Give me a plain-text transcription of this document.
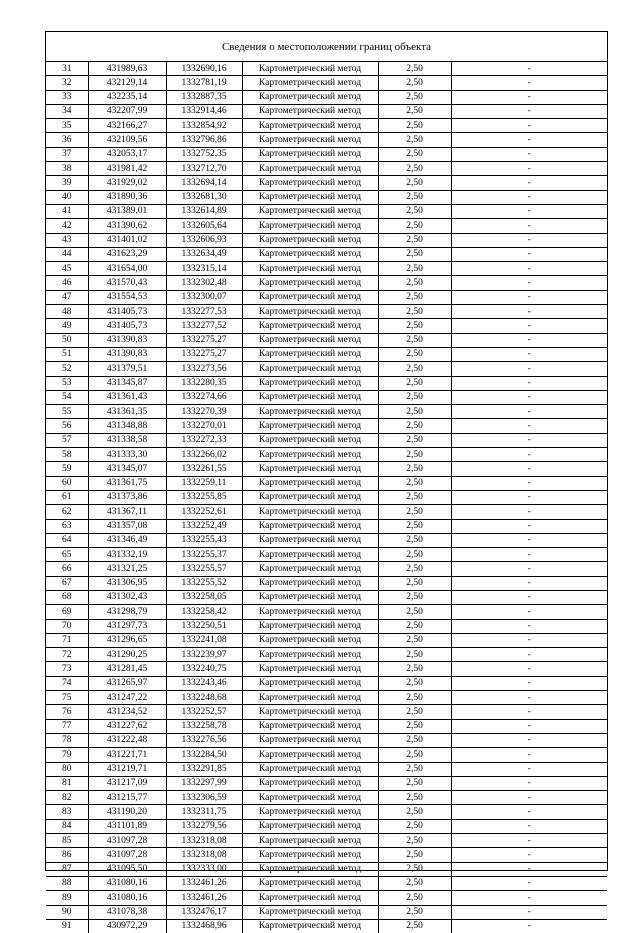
Сведения о местоположении границ объекта
31	431989,63	1332690,16	Картометрический метод	2,50	-
32	432129,14	1332781,19	Картометрический метод	2,50	-
33	432235,14	1332887,35	Картометрический метод	2,50	-
34	432207,99	1332914,46	Картометрический метод	2,50	-
35	432166,27	1332854,92	Картометрический метод	2,50	-
36	432109,56	1332796,86	Картометрический метод	2,50	-
37	432053,17	1332752,35	Картометрический метод	2,50	-
38	431981,42	1332712,70	Картометрический метод	2,50	-
39	431929,02	1332694,14	Картометрический метод	2,50	-
40	431890,36	1332681,30	Картометрический метод	2,50	-
41	431389,01	1332614,89	Картометрический метод	2,50	-
42	431390,62	1332605,64	Картометрический метод	2,50	-
43	431401,02	1332606,93	Картометрический метод	2,50	-
44	431623,29	1332634,49	Картометрический метод	2,50	-
45	431654,00	1332315,14	Картометрический метод	2,50	-
46	431570,43	1332302,48	Картометрический метод	2,50	-
47	431554,53	1332300,07	Картометрический метод	2,50	-
48	431405,73	1332277,53	Картометрический метод	2,50	-
49	431405,73	1332277,52	Картометрический метод	2,50	-
50	431390,83	1332275,27	Картометрический метод	2,50	-
51	431390,83	1332275,27	Картометрический метод	2,50	-
52	431379,51	1332273,56	Картометрический метод	2,50	-
53	431345,87	1332280,35	Картометрический метод	2,50	-
54	431361,43	1332274,66	Картометрический метод	2,50	-
55	431361,35	1332270,39	Картометрический метод	2,50	-
56	431348,88	1332270,01	Картометрический метод	2,50	-
57	431338,58	1332272,33	Картометрический метод	2,50	-
58	431333,30	1332266,02	Картометрический метод	2,50	-
59	431345,07	1332261,55	Картометрический метод	2,50	-
60	431361,75	1332259,11	Картометрический метод	2,50	-
61	431373,86	1332255,85	Картометрический метод	2,50	-
62	431367,11	1332252,61	Картометрический метод	2,50	-
63	431357,08	1332252,49	Картометрический метод	2,50	-
64	431346,49	1332255,43	Картометрический метод	2,50	-
65	431332,19	1332255,37	Картометрический метод	2,50	-
66	431321,25	1332255,57	Картометрический метод	2,50	-
67	431306,95	1332255,52	Картометрический метод	2,50	-
68	431302,43	1332258,05	Картометрический метод	2,50	-
69	431298,79	1332258,42	Картометрический метод	2,50	-
70	431297,73	1332250,51	Картометрический метод	2,50	-
71	431296,65	1332241,08	Картометрический метод	2,50	-
72	431290,25	1332239,97	Картометрический метод	2,50	-
73	431281,45	1332240,75	Картометрический метод	2,50	-
74	431265,97	1332243,46	Картометрический метод	2,50	-
75	431247,22	1332248,68	Картометрический метод	2,50	-
76	431234,52	1332252,57	Картометрический метод	2,50	-
77	431227,62	1332258,78	Картометрический метод	2,50	-
78	431222,48	1332276,56	Картометрический метод	2,50	-
79	431221,71	1332284,50	Картометрический метод	2,50	-
80	431219,71	1332291,85	Картометрический метод	2,50	-
81	431217,09	1332297,99	Картометрический метод	2,50	-
82	431215,77	1332306,59	Картометрический метод	2,50	-
83	431190,20	1332311,75	Картометрический метод	2,50	-
84	431101,89	1332279,56	Картометрический метод	2,50	-
85	431097,28	1332318,08	Картометрический метод	2,50	-
86	431097,28	1332318,08	Картометрический метод	2,50	-
87	431095,50	1332333,00	Картометрический метод	2,50	-
88	431080,16	1332461,26	Картометрический метод	2,50	-
89	431080,16	1332461,26	Картометрический метод	2,50	-
90	431078,38	1332476,17	Картометрический метод	2,50	-
91	430972,29	1332468,96	Картометрический метод	2,50	-
